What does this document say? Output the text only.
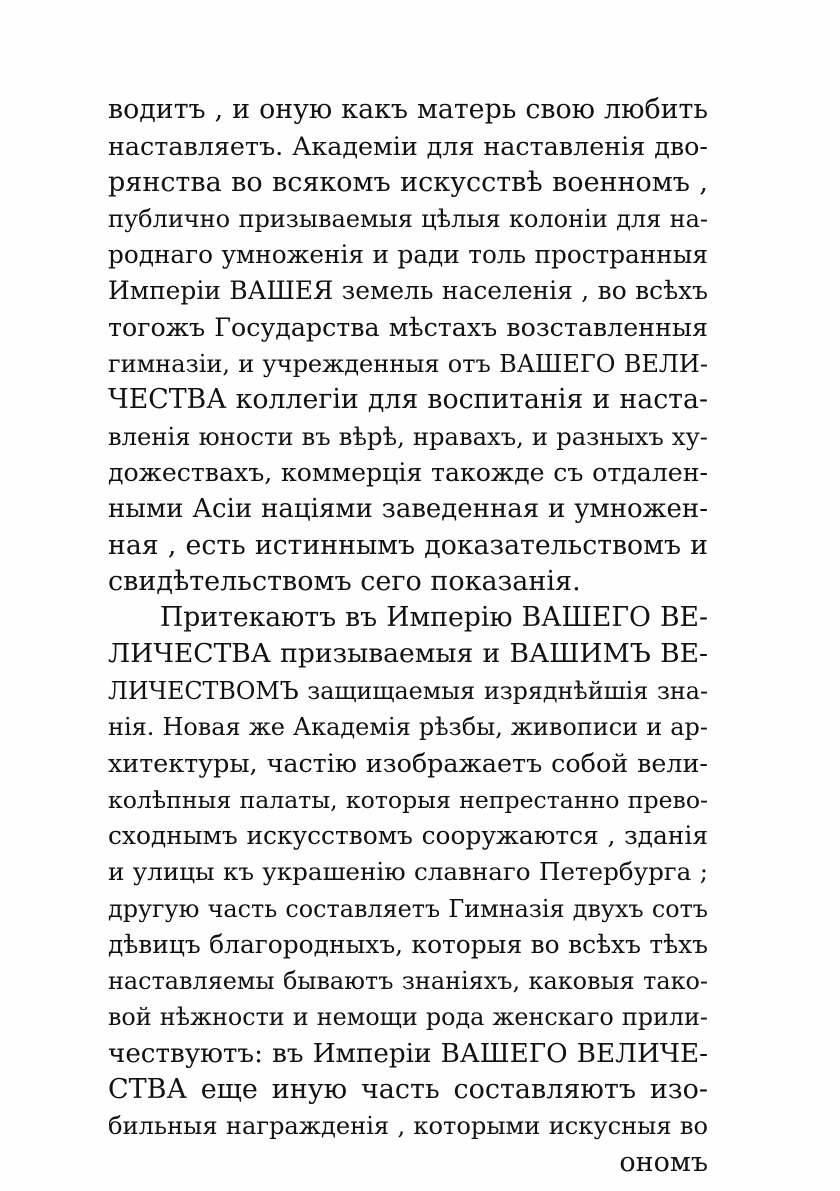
водитъ , и оную какъ матерь свою любить
наставляетъ. Академiи для наставленiя дво-
рянства во всякомъ искусствѣ военномъ ,
публично призываемыя цѣлыя колонiи для на-
роднаго умноженiя и ради толь пространныя
Имперiи ВАШЕЯ земель населенiя , во всѣхъ
тогожъ Государства мѣстахъ возставленныя
гимназiи, и учрежденныя отъ ВАШЕГО ВЕЛИ-
ЧЕСТВА коллегiи для воспитанiя и наста-
вленiя юности въ вѣрѣ, нравахъ, и разныхъ ху-
дожествахъ, коммерцiя такожде съ отдален-
ными Асiи нацiями заведенная и умножен-
ная , есть истиннымъ доказательствомъ и
свидѣтельствомъ сего показанiя.
Притекаютъ въ Имперiю ВАШЕГО ВЕ-
ЛИЧЕСТВА призываемыя и ВАШИМЪ ВЕ-
ЛИЧЕСТВОМЪ защищаемыя изряднѣйшiя зна-
нiя. Новая же Академiя рѣзбы, живописи и ар-
хитектуры, частiю изображаетъ собой вели-
колѣпныя палаты, которыя непрестанно прево-
сходнымъ искусствомъ сооружаются , зданiя
и улицы къ украшенiю славнаго Петербурга ;
другую часть составляетъ Гимназiя двухъ сотъ
дѣвицъ благородныхъ, которыя во всѣхъ тѣхъ
наставляемы бываютъ знанiяхъ, каковыя тако-
вой нѣжности и немощи рода женскаго прили-
чествуютъ: въ Имперiи ВАШЕГО ВЕЛИЧЕ-
СТВА еще иную часть составляютъ изо-
бильныя награжденiя , которыми искусныя во
ономъ
